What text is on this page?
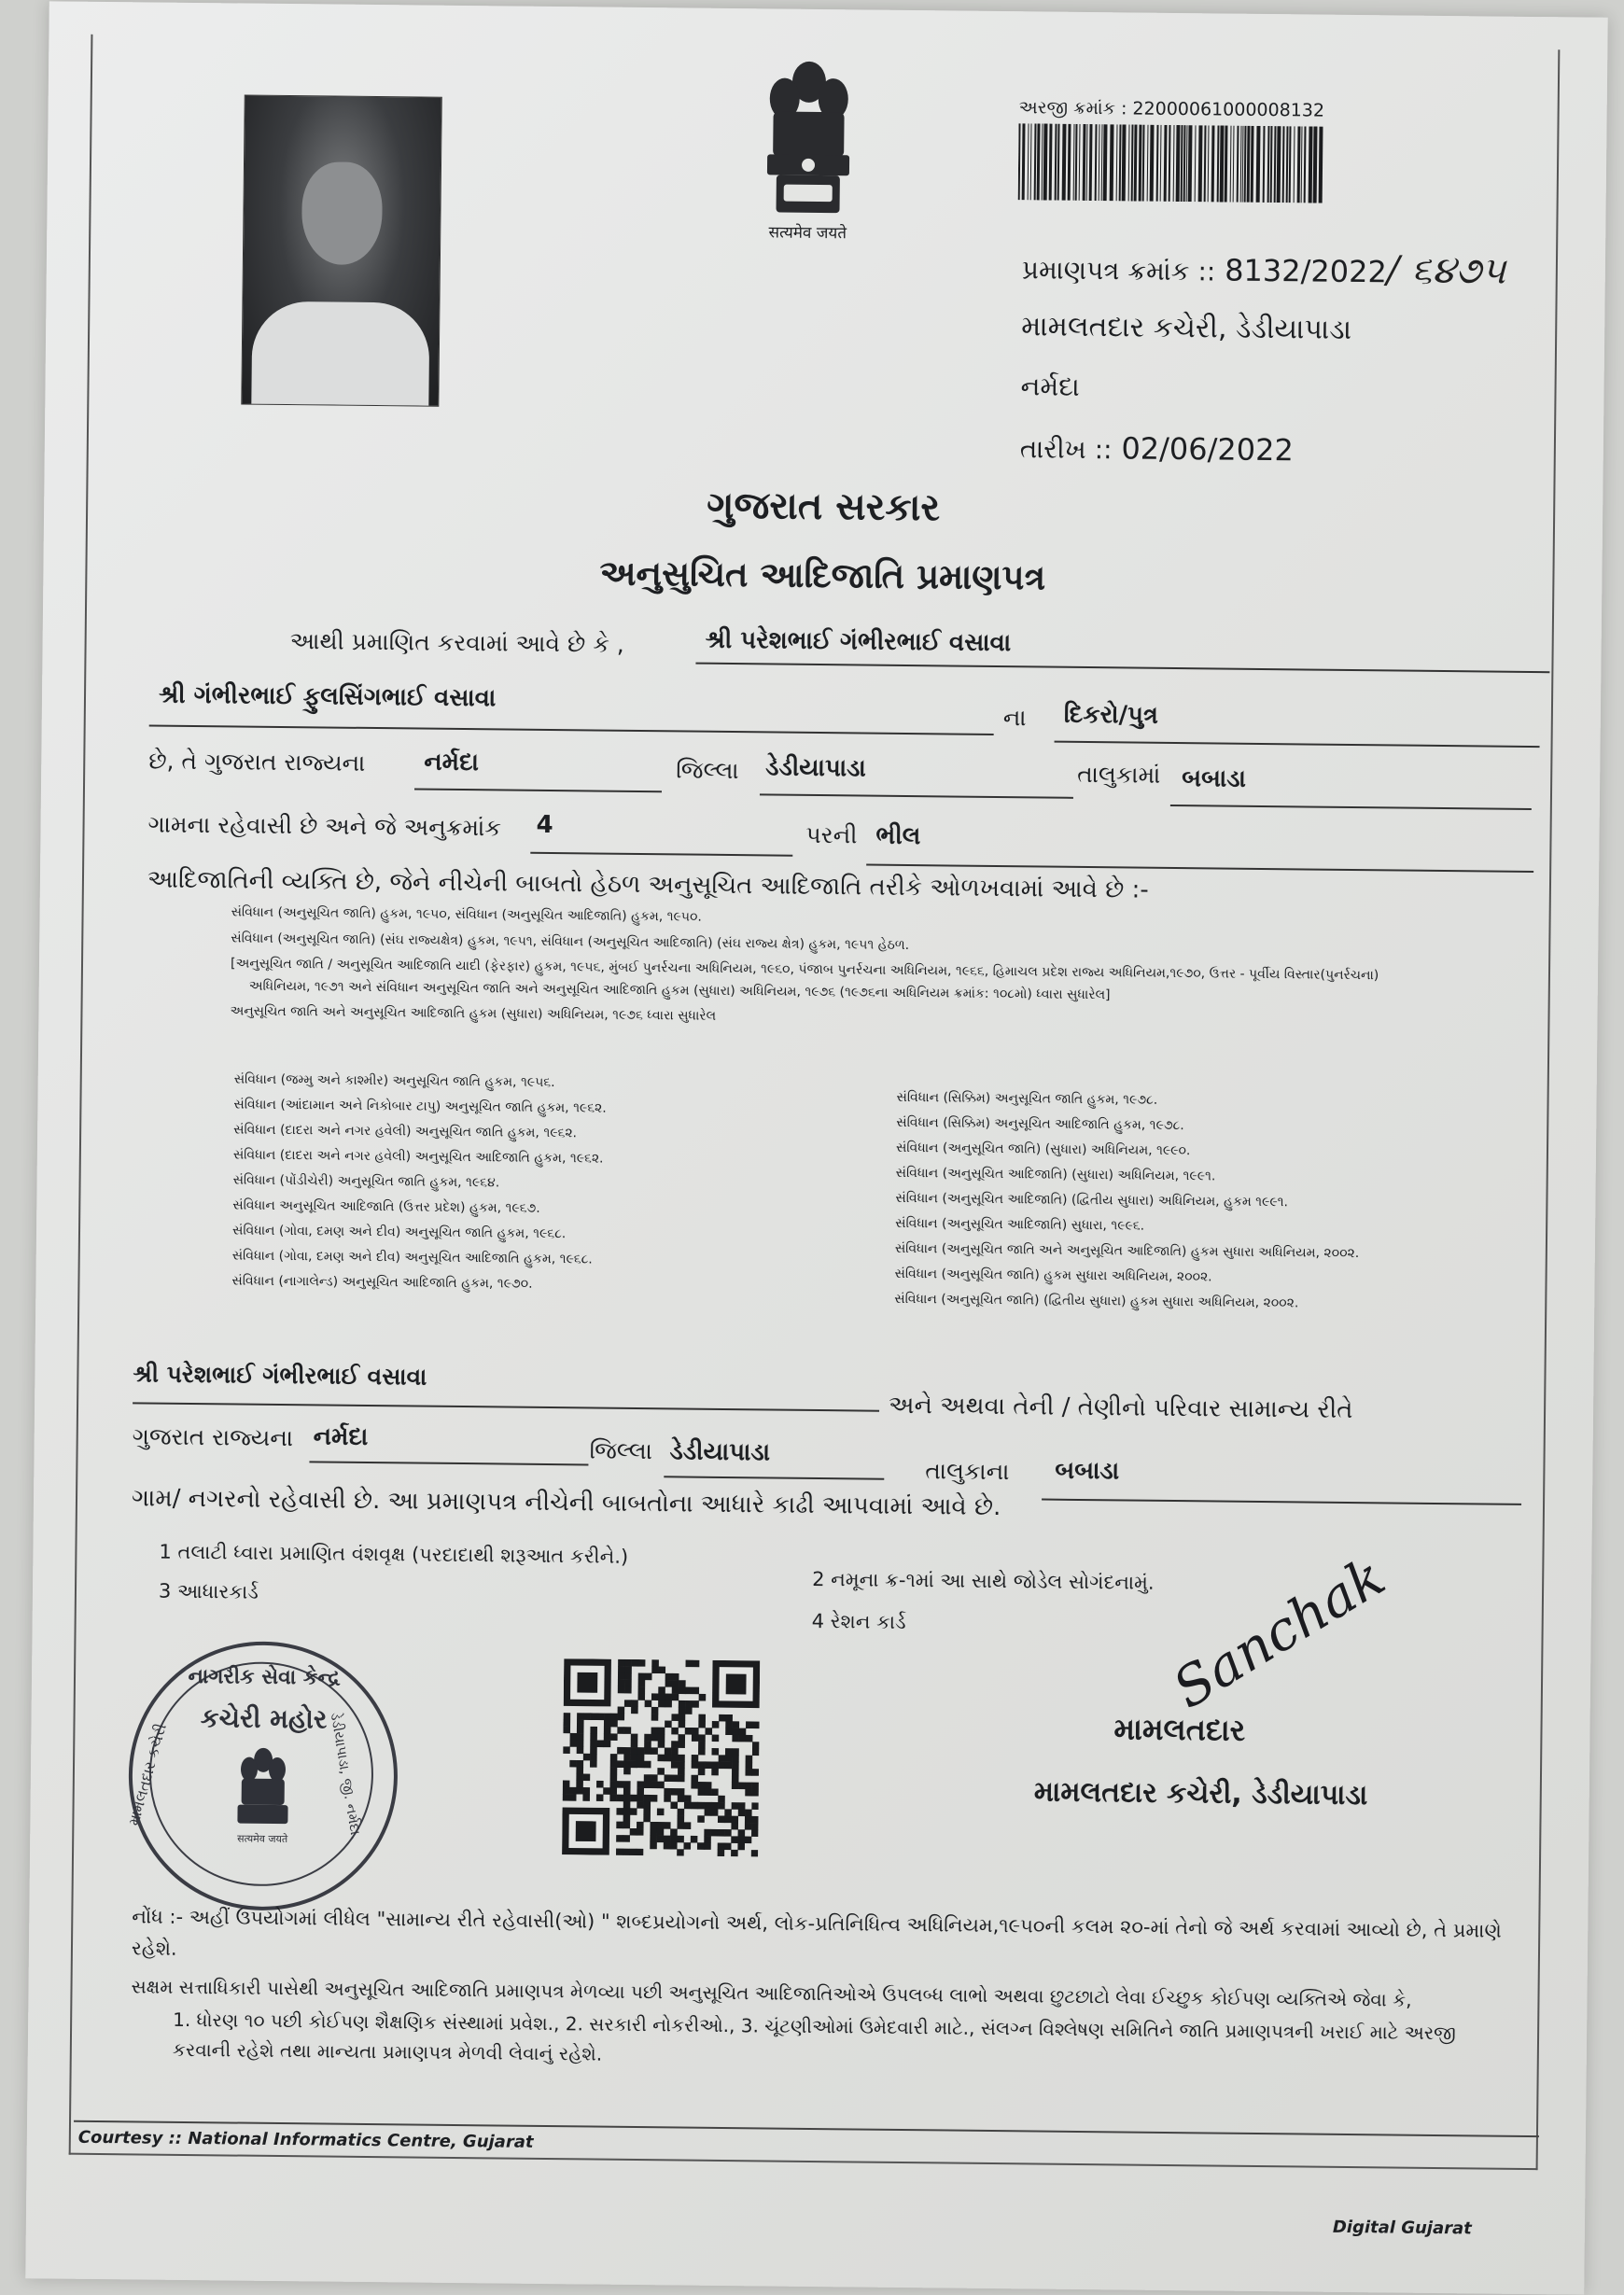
सत्यमेव जयते
અરજી ક્રમાંક : 22000061000008132
પ્રમાણપત્ર ક્રમાંક :: 8132/2022/ ૬૪૭૫
મામલતદાર કચેરી, ડેડીયાપાડા
નર્મદા
તારીખ :: 02/06/2022
ગુજરાત સરકાર
અનુસુચિત આદિજાતિ પ્રમાણપત્ર
આથી પ્રમાણિત કરવામાં આવે છે કે ,	શ્રી પરેશભાઈ ગંભીરભાઈ વસાવા
શ્રી ગંભીરભાઈ ફુલસિંગભાઈ વસાવા
ના	દિકરો/પુત્ર
છે, તે ગુજરાત રાજ્યના	નર્મદા	જિલ્લા ડેડીયાપાડા	તાલુકામાં બબાડા
ગામના રહેવાસી છે અને જે અનુક્રમાંક 4	પરની ભીલ
આદિજાતિની વ્યક્તિ છે, જેને નીચેની બાબતો હેઠળ અનુસૂચિત આદિજાતિ તરીકે ઓળખવામાં આવે છે :-
સંવિધાન (અનુસૂચિત જાતિ) હુકમ, ૧૯૫૦, સંવિધાન (અનુસૂચિત આદિજાતિ) હુકમ, ૧૯૫૦.
સંવિધાન (અનુસૂચિત જાતિ) (સંઘ રાજ્યક્ષેત્ર) હુકમ, ૧૯૫૧, સંવિધાન (અનુસૂચિત આદિજાતિ) (સંઘ રાજ્ય ક્ષેત્ર) હુકમ, ૧૯૫૧ હેઠળ.
[અનુસૂચિત જાતિ / અનુસૂચિત આદિજાતિ યાદી (ફેરફાર) હુકમ, ૧૯૫૬, મુંબઈ પુનર્રચના અધિનિયમ, ૧૯૬૦, પંજાબ પુનર્રચના અધિનિયમ, ૧૯૬૬, હિમાચલ પ્રદેશ રાજ્ય અધિનિયમ,૧૯૭૦, ઉત્તર - પૂર્વીય વિસ્તાર(પુનર્રચના)
અધિનિયમ, ૧૯૭૧ અને સંવિધાન અનુસૂચિત જાતિ અને અનુસૂચિત આદિજાતિ હુકમ (સુધારા) અધિનિયમ, ૧૯૭૬ (૧૯૭૬ના અધિનિયમ ક્રમાંક: ૧૦૮મો) ધ્વારા સુધારેલ]
અનુસૂચિત જાતિ અને અનુસૂચિત આદિજાતિ હુકમ (સુધારા) અધિનિયમ, ૧૯૭૬ ધ્વારા સુધારેલ
સંવિધાન (જમ્મુ અને કાશ્મીર) અનુસૂચિત જાતિ હુકમ, ૧૯૫૬.
સંવિધાન (આંદામાન અને નિકોબાર ટાપુ) અનુસૂચિત જાતિ હુકમ, ૧૯૬૨.
સંવિધાન (દાદરા અને નગર હવેલી) અનુસૂચિત જાતિ હુકમ, ૧૯૬૨.
સંવિધાન (દાદરા અને નગર હવેલી) અનુસૂચિત આદિજાતિ હુકમ, ૧૯૬૨.
સંવિધાન (પોંડીચેરી) અનુસૂચિત જાતિ હુકમ, ૧૯૬૪.
સંવિધાન અનુસૂચિત આદિજાતિ (ઉત્તર પ્રદેશ) હુકમ, ૧૯૬૭.
સંવિધાન (ગોવા, દમણ અને દીવ) અનુસૂચિત જાતિ હુકમ, ૧૯૬૮.
સંવિધાન (ગોવા, દમણ અને દીવ) અનુસૂચિત આદિજાતિ હુકમ, ૧૯૬૮.
સંવિધાન (નાગાલેન્ડ) અનુસૂચિત આદિજાતિ હુકમ, ૧૯૭૦.
સંવિધાન (સિક્કિમ) અનુસૂચિત જાતિ હુકમ, ૧૯૭૮.
સંવિધાન (સિક્કિમ) અનુસૂચિત આદિજાતિ હુકમ, ૧૯૭૮.
સંવિધાન (અનુસૂચિત જાતિ) (સુધારા) અધિનિયમ, ૧૯૯૦.
સંવિધાન (અનુસૂચિત આદિજાતિ) (સુધારા) અધિનિયમ, ૧૯૯૧.
સંવિધાન (અનુસૂચિત આદિજાતિ) (દ્વિતીય સુધારા) અધિનિયમ, હુકમ ૧૯૯૧.
સંવિધાન (અનુસૂચિત આદિજાતિ) સુધારા, ૧૯૯૬.
સંવિધાન (અનુસૂચિત જાતિ અને અનુસૂચિત આદિજાતિ) હુકમ સુધારા અધિનિયમ, ૨૦૦૨.
સંવિધાન (અનુસૂચિત જાતિ) હુકમ સુધારા અધિનિયમ, ૨૦૦૨.
સંવિધાન (અનુસૂચિત જાતિ) (દ્વિતીય સુધારા) હુકમ સુધારા અધિનિયમ, ૨૦૦૨.
શ્રી પરેશભાઈ ગંભીરભાઈ વસાવા
અને અથવા તેની / તેણીનો પરિવાર સામાન્ય રીતે
ગુજરાત રાજ્યના નર્મદા	જિલ્લા ડેડીયાપાડા
તાલુકાના	બબાડા
ગામ/ નગરનો રહેવાસી છે. આ પ્રમાણપત્ર નીચેની બાબતોના આધારે કાઢી આપવામાં આવે છે.
1 તલાટી ધ્વારા પ્રમાણિત વંશવૃક્ષ (પરદાદાથી શરૂઆત કરીને.)
2 નમૂના ક્ર-૧માં આ સાથે જોડેલ સોગંદનામું.
3 આધારકાર્ડ
4 રેશન કાર્ડ
નાગરીક સેવા કેન્દ્ર
કચેરી મહોર
મામલતદાર કચેરી	ડેડીયાપાડા, જી. નર્મદા.
सत्यमेव जयते
Sanchak
મામલતદાર
મામલતદાર કચેરી, ડેડીયાપાડા
નોંધ :- અહીં ઉપયોગમાં લીધેલ "સામાન્ય રીતે રહેવાસી(ઓ) " શબ્દપ્રયોગનો અર્થ, લોક-પ્રતિનિધિત્વ અધિનિયમ,૧૯૫૦ની કલમ ૨૦-માં તેનો જે અર્થ કરવામાં આવ્યો છે, તે પ્રમાણે રહેશે.
સક્ષમ સત્તાધિકારી પાસેથી અનુસૂચિત આદિજાતિ પ્રમાણપત્ર મેળવ્યા પછી અનુસૂચિત આદિજાતિઓએ ઉપલબ્ધ લાભો અથવા છુટછાટો લેવા ઈચ્છુક કોઈપણ વ્યક્તિએ જેવા કે,
1. ધોરણ ૧૦ પછી કોઈપણ શૈક્ષણિક સંસ્થામાં પ્રવેશ., 2. સરકારી નોકરીઓ., 3. ચૂંટણીઓમાં ઉમેદવારી માટે., સંલગ્ન વિશ્લેષણ સમિતિને જાતિ પ્રમાણપત્રની ખરાઈ માટે અરજી કરવાની રહેશે તથા માન્યતા પ્રમાણપત્ર મેળવી લેવાનું રહેશે.
Courtesy :: National Informatics Centre, Gujarat
Digital Gujarat
